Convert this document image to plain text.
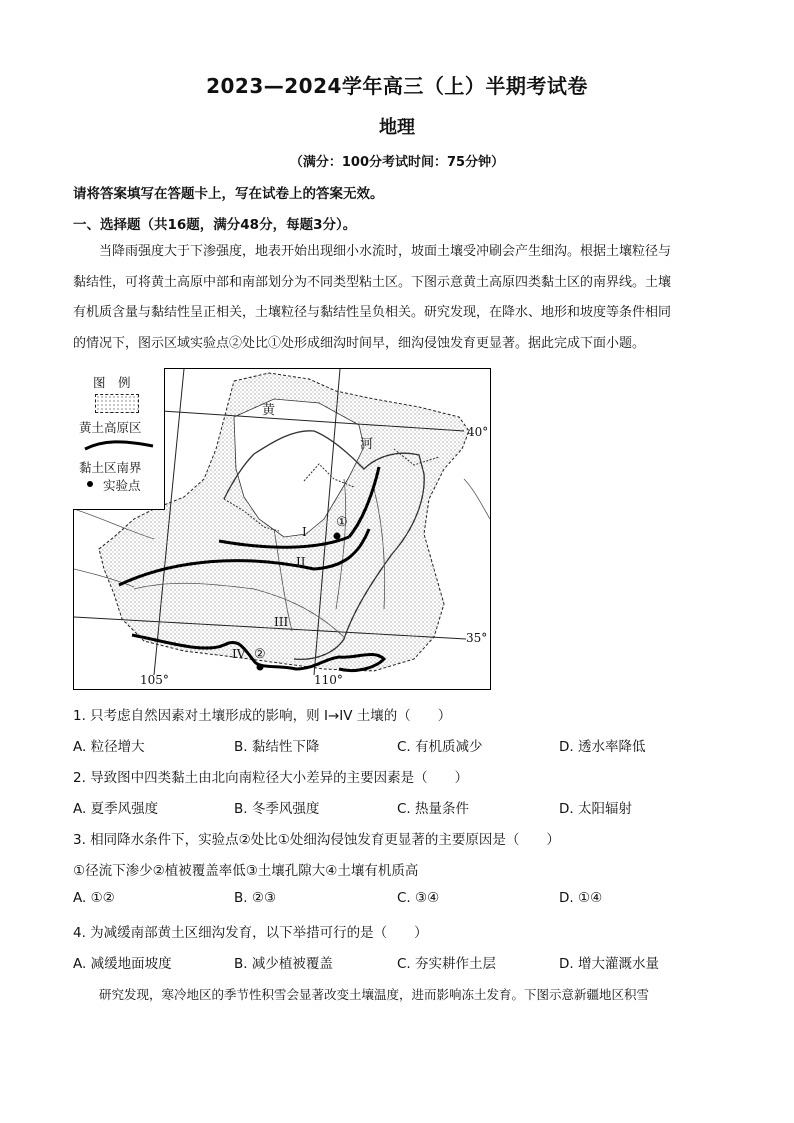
2023—2024学年高三（上）半期考试卷
地理
（满分：100分考试时间：75分钟）
请将答案填写在答题卡上，写在试卷上的答案无效。
一、选择题（共16题，满分48分，每题3分）。

当降雨强度大于下渗强度，地表开始出现细小水流时，坡面土壤受冲刷会产生细沟。根据土壤粒径与

黏结性，可将黄土高原中部和南部划分为不同类型粘土区。下图示意黄土高原四类黏土区的南界线。土壤
有机质含量与黏结性呈正相关，土壤粒径与黏结性呈负相关。研究发现，在降水、地形和坡度等条件相同
的情况下，图示区域实验点②处比①处形成细沟时间早，细沟侵蚀发育更显著。据此完成下面小题。
黄
河
40°
35°
105°	110°
I
II
III
IV
①
②
图　例
黄土高原区
黏土区南界
实验点
1. 只考虑自然因素对土壤形成的影响，则 I→IV 土壤的（　　）
A. 粒径增大	B. 黏结性下降	C. 有机质减少	D. 透水率降低
2. 导致图中四类黏土由北向南粒径大小差异的主要因素是（　　）
A. 夏季风强度	B. 冬季风强度	C. 热量条件	D. 太阳辐射
3. 相同降水条件下，实验点②处比①处细沟侵蚀发育更显著的主要原因是（　　）
①径流下渗少②植被覆盖率低③土壤孔隙大④土壤有机质高
A. ①②	B. ②③	C. ③④	D. ①④
4. 为减缓南部黄土区细沟发育，以下举措可行的是（　　）
A. 减缓地面坡度	B. 减少植被覆盖	C. 夯实耕作土层	D. 增大灌溉水量
研究发现，寒冷地区的季节性积雪会显著改变土壤温度，进而影响冻土发育。下图示意新疆地区积雪
